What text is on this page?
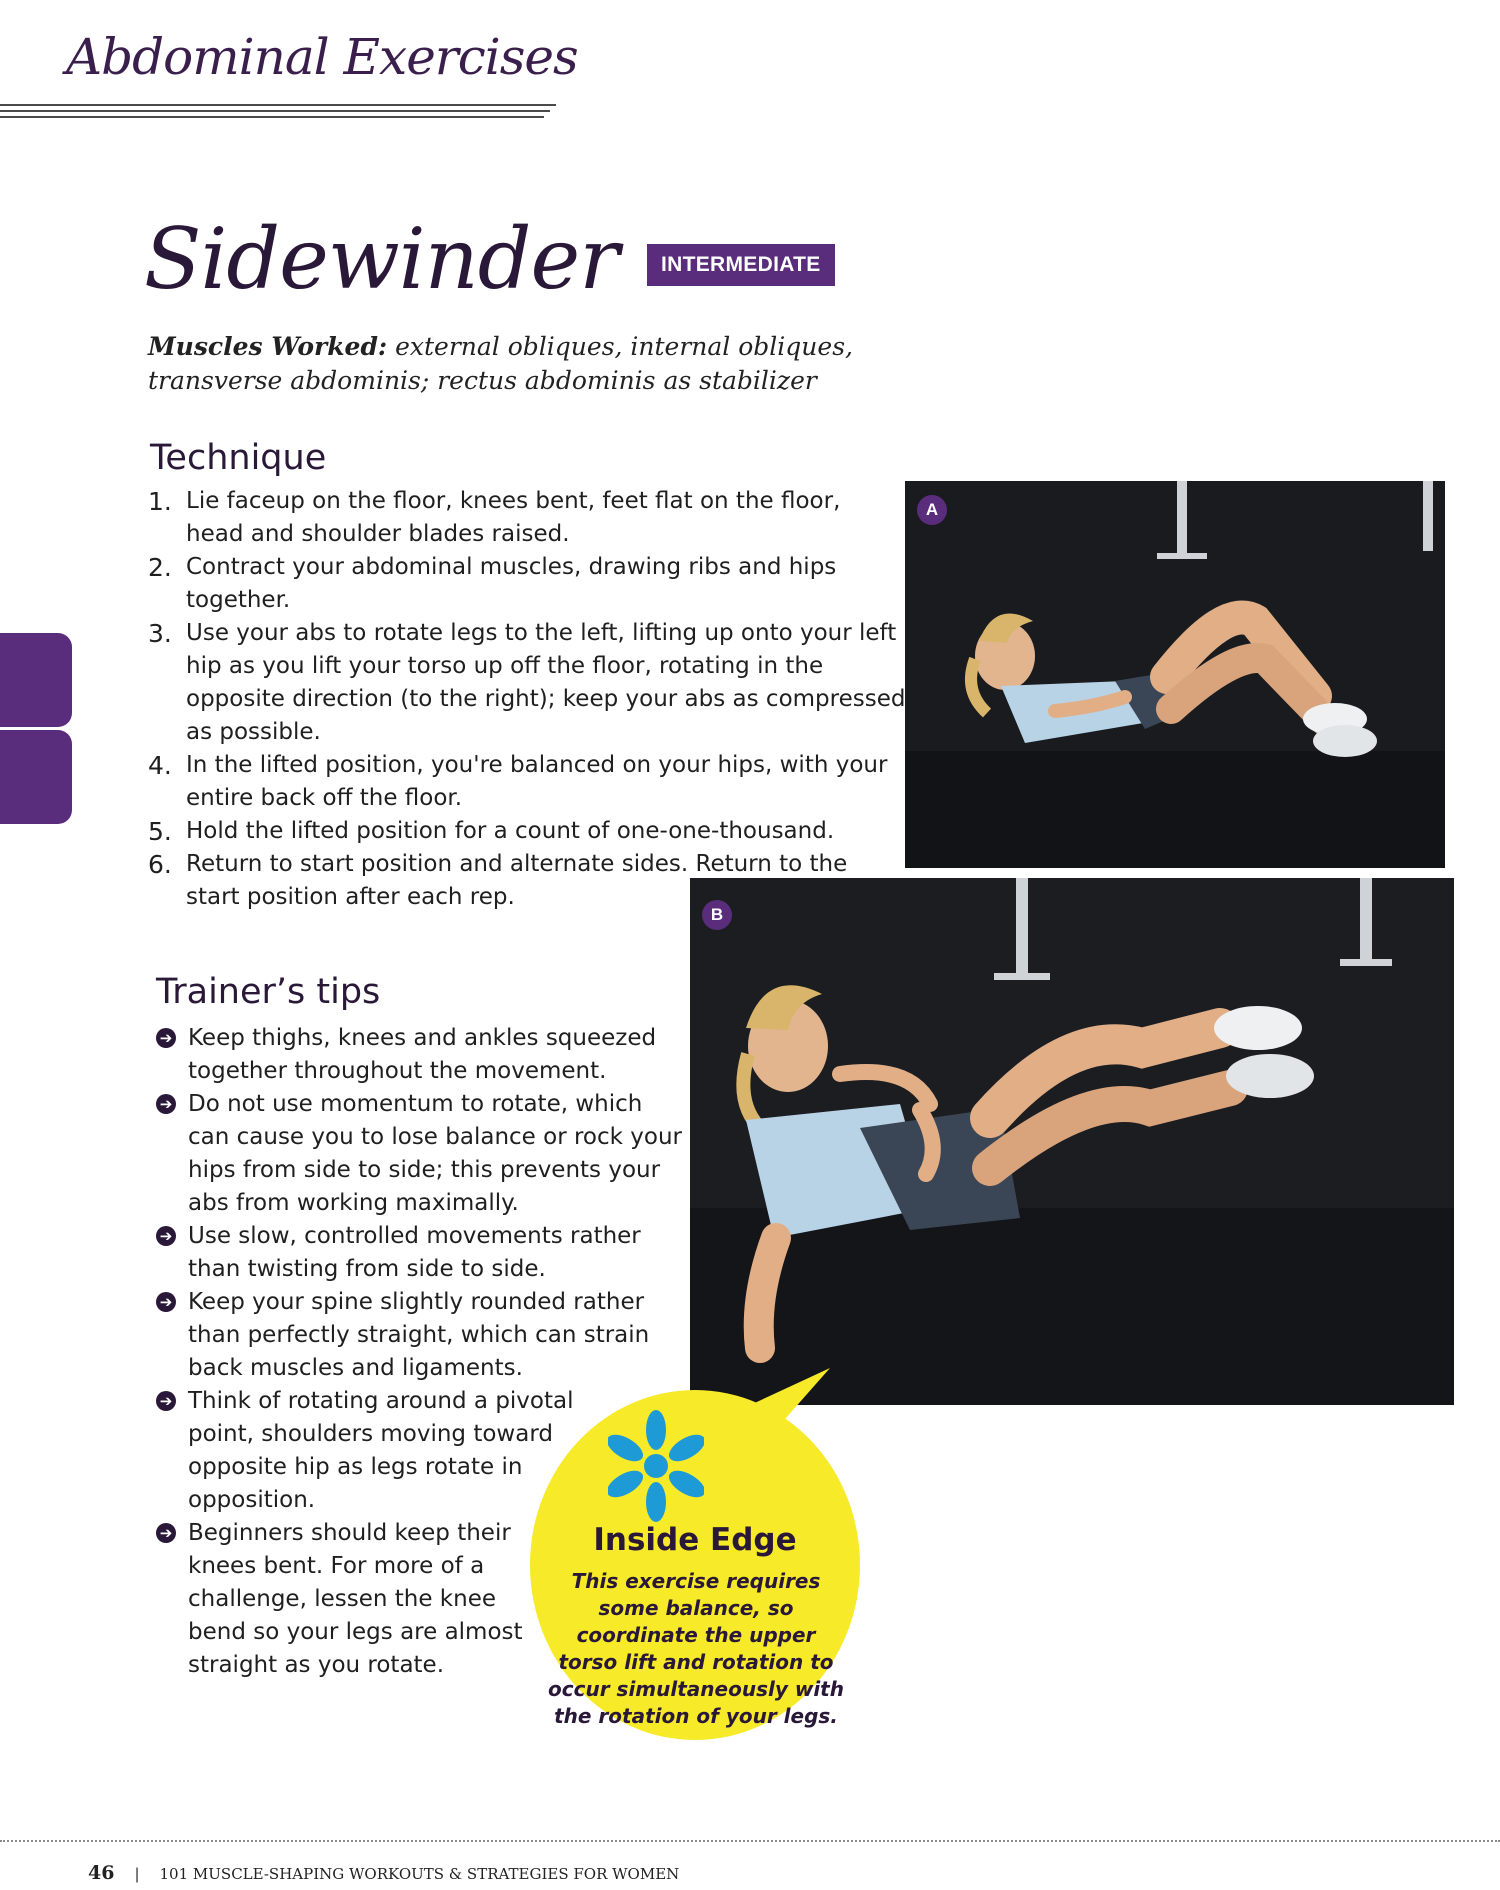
Abdominal Exercises
Sidewinder	INTERMEDIATE

Muscles Worked: external obliques, internal obliques, transverse abdominis; rectus abdominis as stabilizer

Technique
1. Lie faceup on the floor, knees bent, feet flat on the floor, head and shoulder blades raised.
2. Contract your abdominal muscles, drawing ribs and hips together.
3. Use your abs to rotate legs to the left, lifting up onto your left hip as you lift your torso up off the floor, rotating in the opposite direction (to the right); keep your abs as compressed as possible.
4. In the lifted position, you're balanced on your hips, with your entire back off the floor.
5. Hold the lifted position for a count of one-one-thousand.
6. Return to start position and alternate sides. Return to the start position after each rep.
Trainer’s tips
➔ Keep thighs, knees and ankles squeezed together throughout the movement.
➔ Do not use momentum to rotate, which can cause you to lose balance or rock your hips from side to side; this prevents your abs from working maximally.
➔ Use slow, controlled movements rather than twisting from side to side.
➔ Keep your spine slightly rounded rather than perfectly straight, which can strain back muscles and ligaments.
➔ Think of rotating around a pivotal point, shoulders moving toward opposite hip as legs rotate in opposition.
➔ Beginners should keep their knees bent. For more of a challenge, lessen the knee bend so your legs are almost straight as you rotate.
A
B
Inside Edge

This exercise requires some balance, so coordinate the upper torso lift and rotation to occur simultaneously with the rotation of your legs.

46 | 101 MUSCLE-SHAPING WORKOUTS & STRATEGIES FOR WOMEN
